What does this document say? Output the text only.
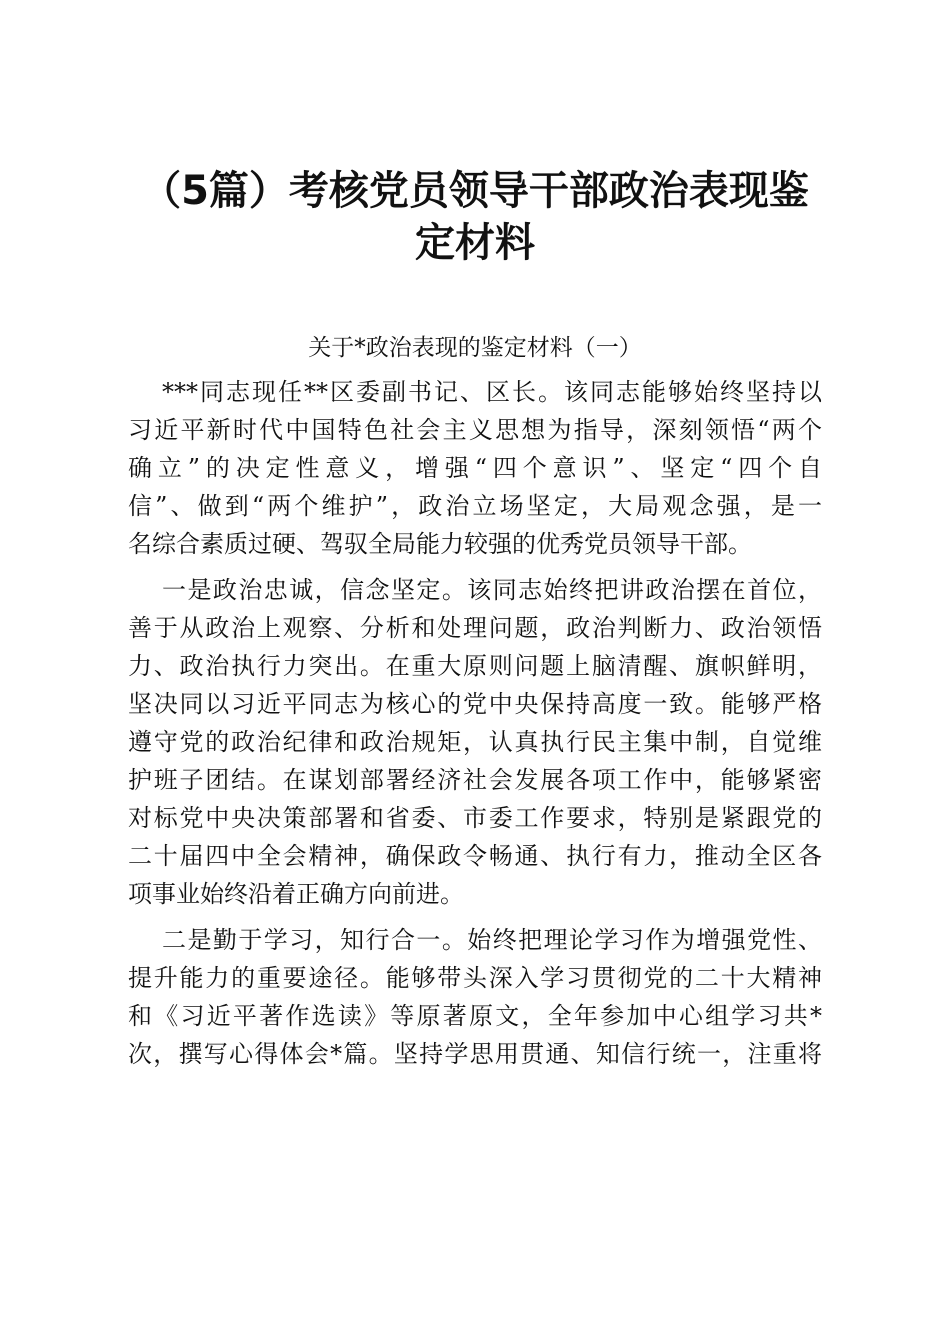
（5篇）考核党员领导干部政治表现鉴
定材料
关于*政治表现的鉴定材料（一）
***同志现任**区委副书记、区长。该同志能够始终坚持以
习近平新时代中国特色社会主义思想为指导，深刻领悟“两个
确立”的决定性意义，增强“四个意识”、坚定“四个自
信”、做到“两个维护”，政治立场坚定，大局观念强，是一
名综合素质过硬、驾驭全局能力较强的优秀党员领导干部。
一是政治忠诚，信念坚定。该同志始终把讲政治摆在首位，
善于从政治上观察、分析和处理问题，政治判断力、政治领悟
力、政治执行力突出。在重大原则问题上脑清醒、旗帜鲜明，
坚决同以习近平同志为核心的党中央保持高度一致。能够严格
遵守党的政治纪律和政治规矩，认真执行民主集中制，自觉维
护班子团结。在谋划部署经济社会发展各项工作中，能够紧密
对标党中央决策部署和省委、市委工作要求，特别是紧跟党的
二十届四中全会精神，确保政令畅通、执行有力，推动全区各
项事业始终沿着正确方向前进。
二是勤于学习，知行合一。始终把理论学习作为增强党性、
提升能力的重要途径。能够带头深入学习贯彻党的二十大精神
和《习近平著作选读》等原著原文，全年参加中心组学习共*
次，撰写心得体会*篇。坚持学思用贯通、知信行统一，注重将
